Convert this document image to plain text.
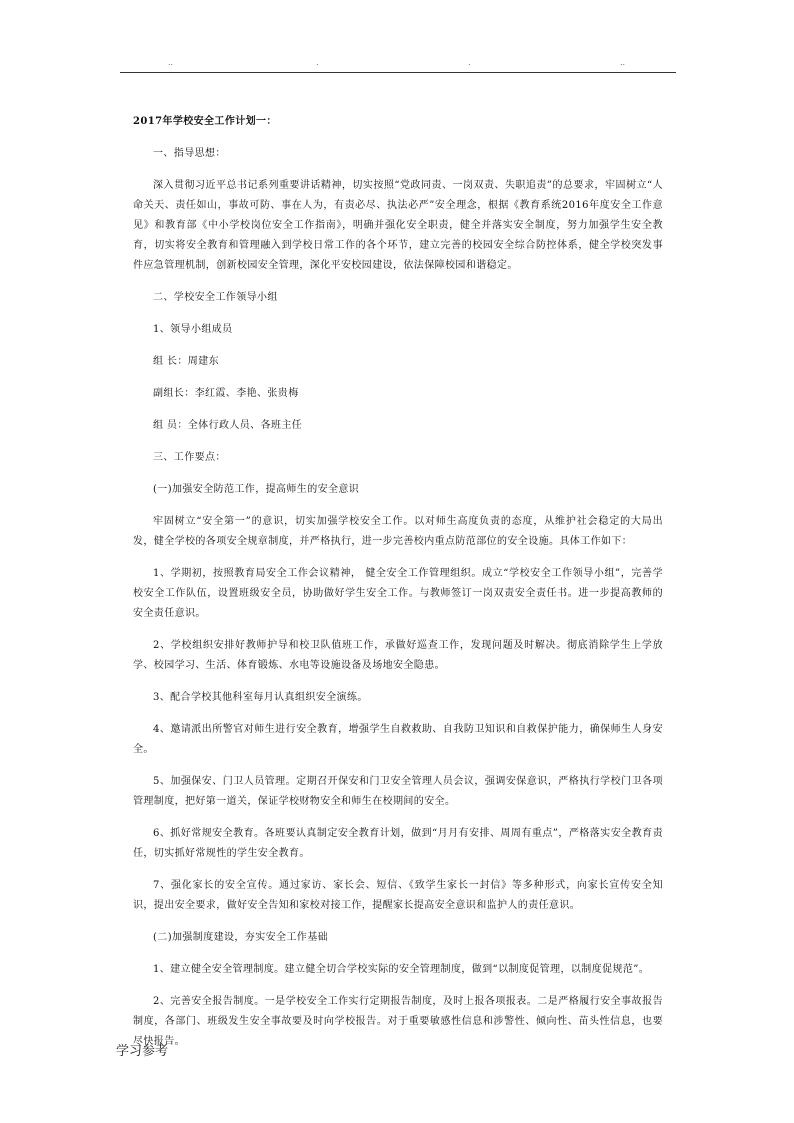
..	.	.	..

2017年学校安全工作计划一：

一、指导思想：

深入贯彻习近平总书记系列重要讲话精神，切实按照“党政同责、一岗双责、失职追责”的总要求，牢固树立“人命关天、责任如山，事故可防、事在人为，有责必尽、执法必严”安全理念，根据《教育系统2016年度安全工作意见》和教育部《中小学校岗位安全工作指南》，明确并强化安全职责，健全并落实安全制度，努力加强学生安全教育，切实将安全教育和管理融入到学校日常工作的各个环节，建立完善的校园安全综合防控体系，健全学校突发事件应急管理机制，创新校园安全管理，深化平安校园建设，依法保障校园和谐稳定。

二、学校安全工作领导小组

1、领导小组成员

组 长：周建东

副组长：李红霞、李艳、张贵梅

组 员：全体行政人员、各班主任

三、工作要点：

(一)加强安全防范工作，提高师生的安全意识

牢固树立“安全第一”的意识，切实加强学校安全工作。以对师生高度负责的态度，从维护社会稳定的大局出发，健全学校的各项安全规章制度，并严格执行，进一步完善校内重点防范部位的安全设施。具体工作如下：

1、学期初，按照教育局安全工作会议精神， 健全安全工作管理组织。成立“学校安全工作领导小组”，完善学校安全工作队伍，设置班级安全员，协助做好学生安全工作。与教师签订一岗双责安全责任书。进一步提高教师的安全责任意识。

2、学校组织安排好教师护导和校卫队值班工作，承做好巡查工作，发现问题及时解决。彻底消除学生上学放学、校园学习、生活、体育锻炼、水电等设施设备及场地安全隐患。

3、配合学校其他科室每月认真组织安全演练。

4、邀请派出所警官对师生进行安全教育，增强学生自救救助、自我防卫知识和自救保护能力，确保师生人身安全。

5、加强保安、门卫人员管理。定期召开保安和门卫安全管理人员会议，强调安保意识，严格执行学校门卫各项管理制度，把好第一道关，保证学校财物安全和师生在校期间的安全。

6、抓好常规安全教育。各班要认真制定安全教育计划，做到“月月有安排、周周有重点”，严格落实安全教育责任，切实抓好常规性的学生安全教育。

7、强化家长的安全宣传。通过家访、家长会、短信、《致学生家长一封信》等多种形式，向家长宣传安全知识，提出安全要求，做好安全告知和家校对接工作，提醒家长提高安全意识和监护人的责任意识。

(二)加强制度建设，夯实安全工作基础

1、建立健全安全管理制度。建立健全切合学校实际的安全管理制度，做到“以制度促管理，以制度促规范”。

2、完善安全报告制度。一是学校安全工作实行定期报告制度，及时上报各项报表。二是严格履行安全事故报告制度，各部门、班级发生安全事故要及时向学校报告。对于重要敏感性信息和涉警性、倾向性、苗头性信息，也要尽快报告。

学习参考
